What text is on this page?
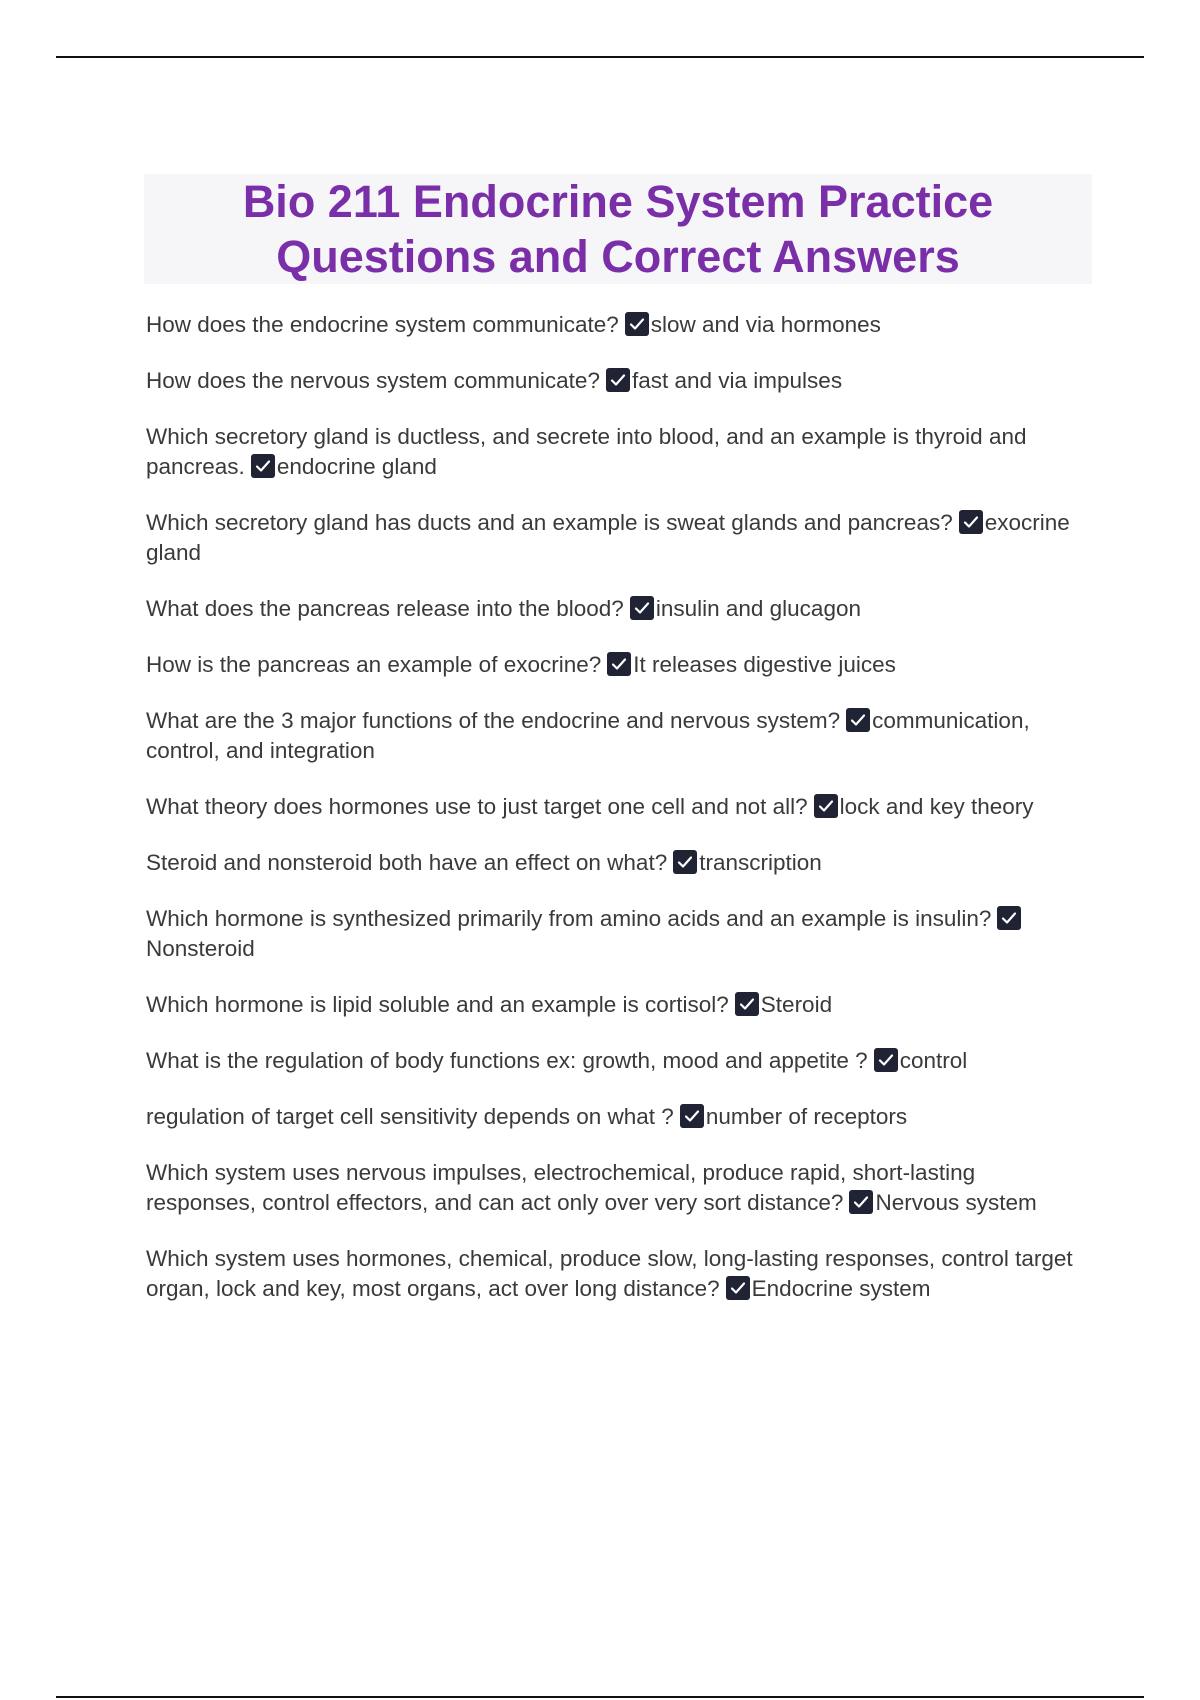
Bio 211 Endocrine System Practice
Questions and Correct Answers
How does the endocrine system communicate? slow and via hormones
How does the nervous system communicate? fast and via impulses
Which secretory gland is ductless, and secrete into blood, and an example is thyroid and pancreas. endocrine gland
Which secretory gland has ducts and an example is sweat glands and pancreas? exocrine gland
What does the pancreas release into the blood? insulin and glucagon
How is the pancreas an example of exocrine? It releases digestive juices
What are the 3 major functions of the endocrine and nervous system? communication, control, and integration
What theory does hormones use to just target one cell and not all? lock and key theory
Steroid and nonsteroid both have an effect on what? transcription
Which hormone is synthesized primarily from amino acids and an example is insulin?
Nonsteroid
Which hormone is lipid soluble and an example is cortisol? Steroid
What is the regulation of body functions ex: growth, mood and appetite ? control
regulation of target cell sensitivity depends on what ? number of receptors
Which system uses nervous impulses, electrochemical, produce rapid, short-lasting responses, control effectors, and can act only over very sort distance? Nervous system
Which system uses hormones, chemical, produce slow, long-lasting responses, control target organ, lock and key, most organs, act over long distance? Endocrine system
